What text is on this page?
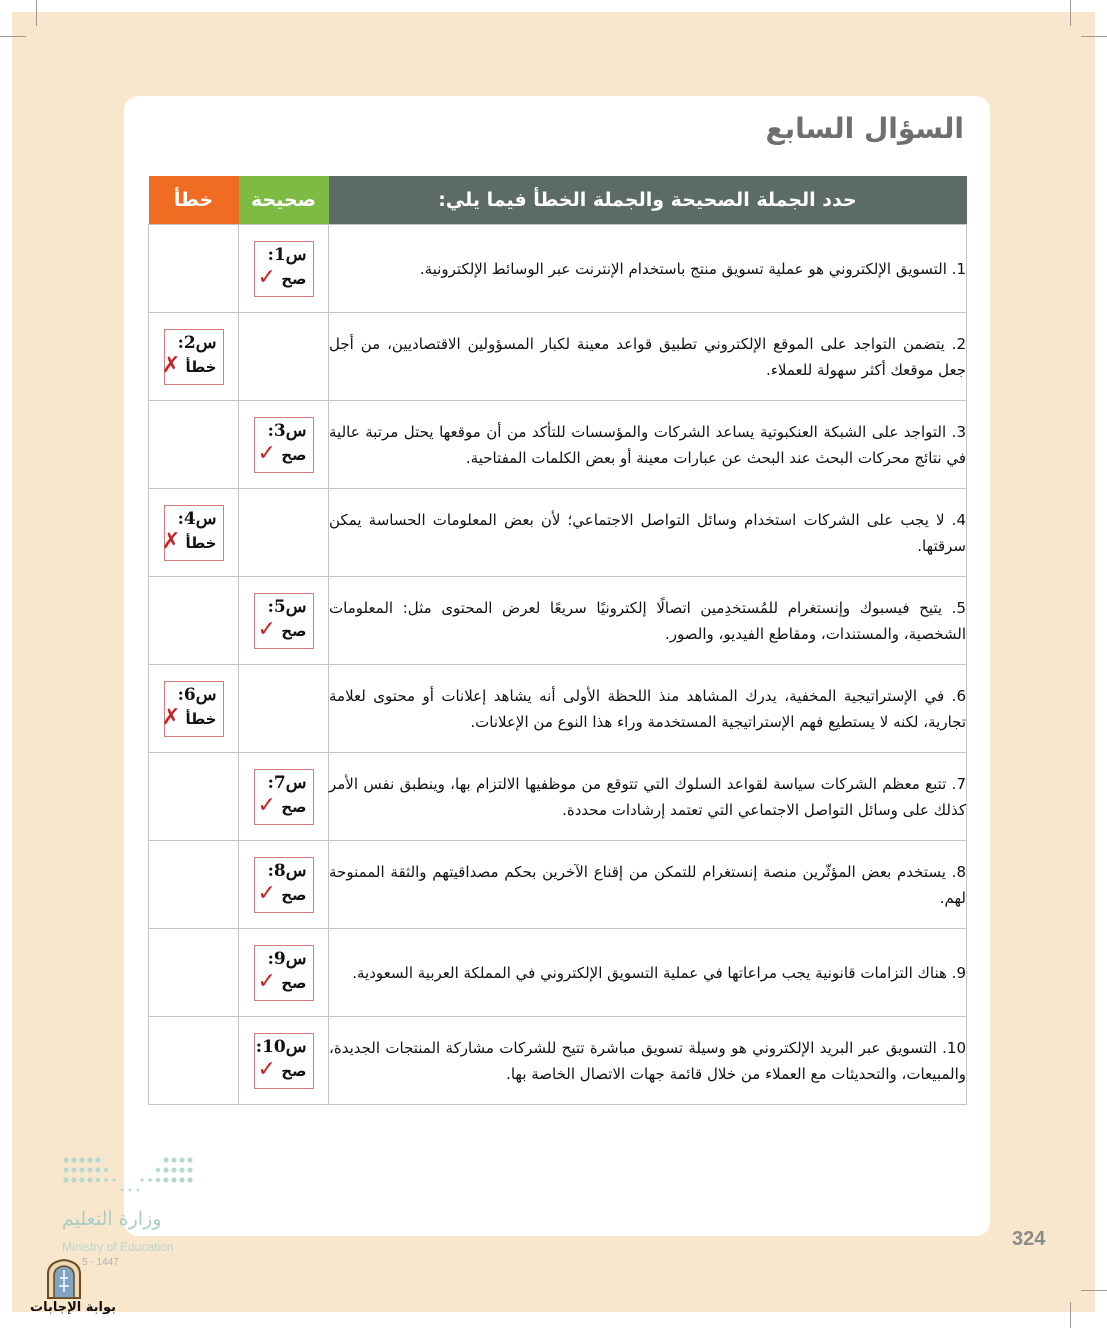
السؤال السابع
حدد الجملة الصحيحة والجملة الخطأ فيما يلي:	صحيحة	خطأ
1. التسويق الإلكتروني هو عملية تسويق منتج باستخدام الإنترنت عبر الوسائط الإلكترونية.	س1:
صح ✓	

2. يتضمن التواجد على الموقع الإلكتروني تطبيق قواعد معينة لكبار المسؤولين الاقتصاديين، من أجل جعل موقعك أكثر سهولة للعملاء.		س2:
خطأ ✗

3. التواجد على الشبكة العنكبوتية يساعد الشركات والمؤسسات للتأكد من أن موقعها يحتل مرتبة عالية في نتائج محركات البحث عند البحث عن عبارات معينة أو بعض الكلمات المفتاحية.	س3:
صح ✓	

4. لا يجب على الشركات استخدام وسائل التواصل الاجتماعي؛ لأن بعض المعلومات الحساسة يمكن سرقتها.		س4:
خطأ ✗

5. يتيح فيسبوك وإنستغرام للمُستخدِمين اتصالًا إلكترونيًا سريعًا لعرض المحتوى مثل: المعلومات الشخصية، والمستندات، ومقاطع الفيديو، والصور.	س5:
صح ✓	

6. في الإستراتيجية المخفية، يدرك المشاهد منذ اللحظة الأولى أنه يشاهد إعلانات أو محتوى لعلامة تجارية، لكنه لا يستطيع فهم الإستراتيجية المستخدمة وراء هذا النوع من الإعلانات.		س6:
خطأ ✗

7. تتبع معظم الشركات سياسة لقواعد السلوك التي تتوقع من موظفيها الالتزام بها، وينطبق نفس الأمر كذلك على وسائل التواصل الاجتماعي التي تعتمد إرشادات محددة.	س7:
صح ✓	

8. يستخدم بعض المؤثّرين منصة إنستغرام للتمكن من إقناع الآخرين بحكم مصداقيتهم والثقة الممنوحة لهم.	س8:
صح ✓	

9. هناك التزامات قانونية يجب مراعاتها في عملية التسويق الإلكتروني في المملكة العربية السعودية.	س9:
صح ✓	

10. التسويق عبر البريد الإلكتروني هو وسيلة تسويق مباشرة تتيح للشركات مشاركة المنتجات الجديدة، والمبيعات، والتحديثات مع العملاء من خلال قائمة جهات الاتصال الخاصة بها.	س10:
صح ✓	

324
وزارة التعليم
Ministry of Education
5 - 1447
بوابة الإجابات
